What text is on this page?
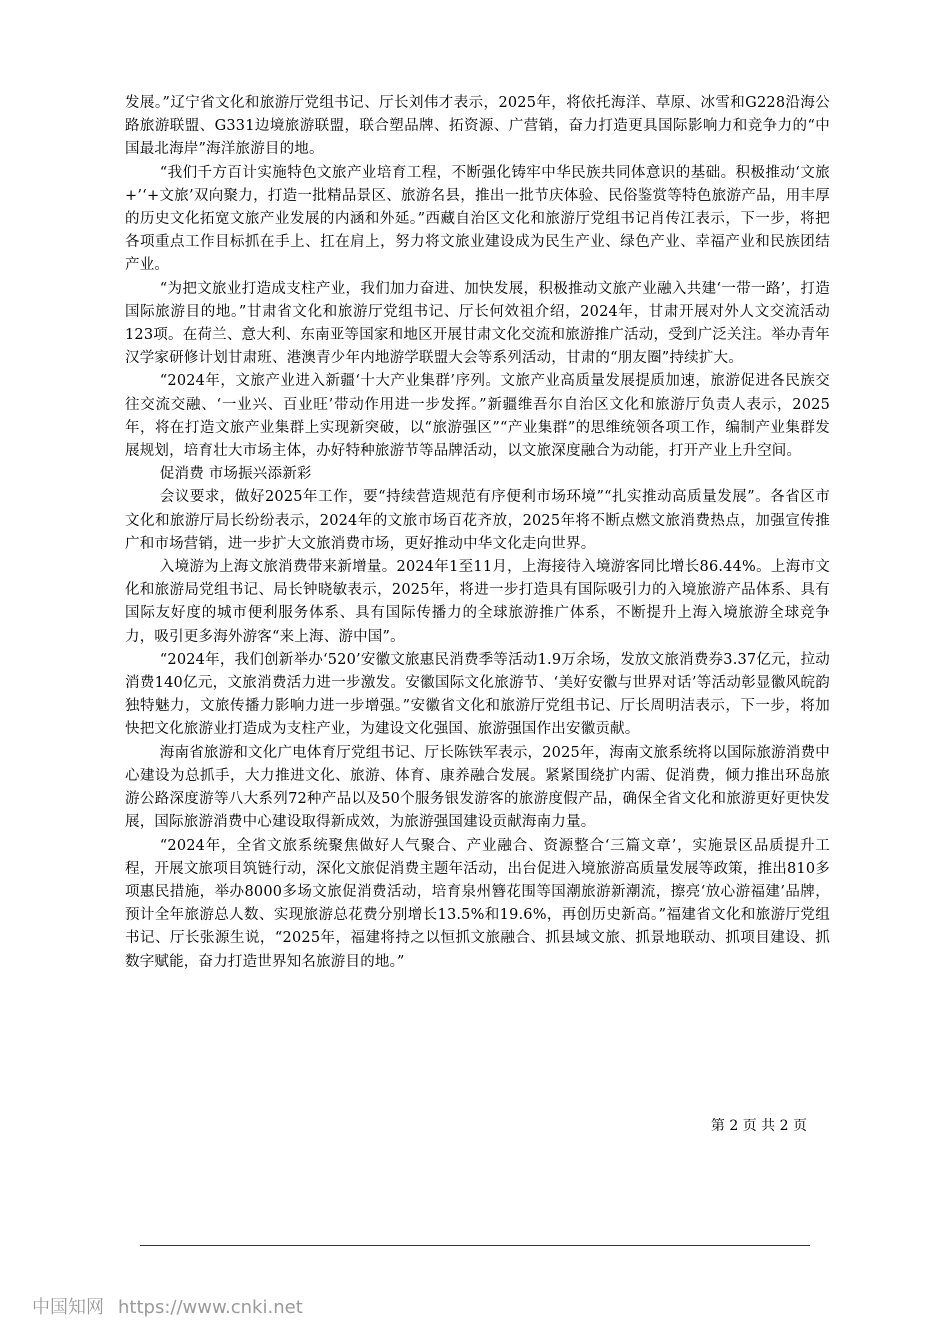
发展。”辽宁省文化和旅游厅党组书记、厅长刘伟才表示，2025年，将依托海洋、草原、冰雪和G228沿海公路旅游联盟、G331边境旅游联盟，联合塑品牌、拓资源、广营销，奋力打造更具国际影响力和竞争力的“中国最北海岸”海洋旅游目的地。

“我们千方百计实施特色文旅产业培育工程，不断强化铸牢中华民族共同体意识的基础。积极推动‘文旅+’‘+文旅’双向聚力，打造一批精品景区、旅游名县，推出一批节庆体验、民俗鉴赏等特色旅游产品，用丰厚的历史文化拓宽文旅产业发展的内涵和外延。”西藏自治区文化和旅游厅党组书记肖传江表示，下一步，将把各项重点工作目标抓在手上、扛在肩上，努力将文旅业建设成为民生产业、绿色产业、幸福产业和民族团结产业。

“为把文旅业打造成支柱产业，我们加力奋进、加快发展，积极推动文旅产业融入共建‘一带一路’，打造国际旅游目的地。”甘肃省文化和旅游厅党组书记、厅长何效祖介绍，2024年，甘肃开展对外人文交流活动123项。在荷兰、意大利、东南亚等国家和地区开展甘肃文化交流和旅游推广活动，受到广泛关注。举办青年汉学家研修计划甘肃班、港澳青少年内地游学联盟大会等系列活动，甘肃的“朋友圈”持续扩大。

“2024年，文旅产业进入新疆‘十大产业集群’序列。文旅产业高质量发展提质加速，旅游促进各民族交往交流交融、‘一业兴、百业旺’带动作用进一步发挥。”新疆维吾尔自治区文化和旅游厅负责人表示，2025年，将在打造文旅产业集群上实现新突破，以“旅游强区”“产业集群”的思维统领各项工作，编制产业集群发展规划，培育壮大市场主体，办好特种旅游节等品牌活动，以文旅深度融合为动能，打开产业上升空间。

促消费 市场振兴添新彩

会议要求，做好2025年工作，要“持续营造规范有序便利市场环境”“扎实推动高质量发展”。各省区市文化和旅游厅局长纷纷表示，2024年的文旅市场百花齐放，2025年将不断点燃文旅消费热点，加强宣传推广和市场营销，进一步扩大文旅消费市场，更好推动中华文化走向世界。

入境游为上海文旅消费带来新增量。2024年1至11月，上海接待入境游客同比增长86.44%。上海市文化和旅游局党组书记、局长钟晓敏表示，2025年，将进一步打造具有国际吸引力的入境旅游产品体系、具有国际友好度的城市便利服务体系、具有国际传播力的全球旅游推广体系，不断提升上海入境旅游全球竞争力，吸引更多海外游客“来上海、游中国”。

“2024年，我们创新举办‘520’安徽文旅惠民消费季等活动1.9万余场，发放文旅消费券3.37亿元，拉动消费140亿元，文旅消费活力进一步激发。安徽国际文化旅游节、‘美好安徽与世界对话’等活动彰显徽风皖韵独特魅力，文旅传播力影响力进一步增强。”安徽省文化和旅游厅党组书记、厅长周明洁表示，下一步，将加快把文化旅游业打造成为支柱产业，为建设文化强国、旅游强国作出安徽贡献。

海南省旅游和文化广电体育厅党组书记、厅长陈铁军表示，2025年，海南文旅系统将以国际旅游消费中心建设为总抓手，大力推进文化、旅游、体育、康养融合发展。紧紧围绕扩内需、促消费，倾力推出环岛旅游公路深度游等八大系列72种产品以及50个服务银发游客的旅游度假产品，确保全省文化和旅游更好更快发展，国际旅游消费中心建设取得新成效，为旅游强国建设贡献海南力量。

“2024年，全省文旅系统聚焦做好人气聚合、产业融合、资源整合‘三篇文章’，实施景区品质提升工程，开展文旅项目筑链行动，深化文旅促消费主题年活动，出台促进入境旅游高质量发展等政策，推出810多项惠民措施，举办8000多场文旅促消费活动，培育泉州簪花围等国潮旅游新潮流，擦亮‘放心游福建’品牌，预计全年旅游总人数、实现旅游总花费分别增长13.5%和19.6%，再创历史新高。”福建省文化和旅游厅党组书记、厅长张源生说，“2025年，福建将持之以恒抓文旅融合、抓县域文旅、抓景地联动、抓项目建设、抓数字赋能，奋力打造世界知名旅游目的地。”

第 2 页 共 2 页
中国知网 https://www.cnki.net
